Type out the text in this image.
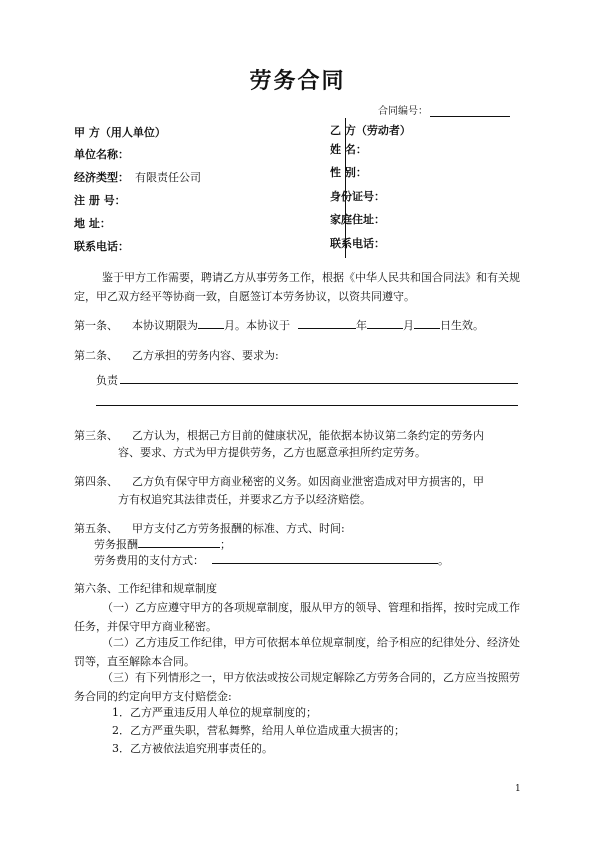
劳务合同
合同编号：
甲 方（用人单位）
单位名称：
经济类型： 有限责任公司
注 册 号：
地 址：
联系电话：
乙 方（劳动者）
姓 名：
性 别：
身份证号：
家庭住址：
联系电话：
鉴于甲方工作需要，聘请乙方从事劳务工作，根据《中华人民共和国合同法》和有关规定，甲乙双方经平等协商一致，自愿签订本劳务协议，以资共同遵守。
第一条、 本协议期限为 月。本协议于	年	月 日生效。
第二条、 乙方承担的劳务内容、要求为:
负责
第三条、 乙方认为，根据己方目前的健康状况，能依据本协议第二条约定的劳务内
容、要求、方式为甲方提供劳务，乙方也愿意承担所约定劳务。
第四条、 乙方负有保守甲方商业秘密的义务。如因商业泄密造成对甲方损害的，甲
方有权追究其法律责任，并要求乙方予以经济赔偿。
第五条、 甲方支付乙方劳务报酬的标准、方式、时间:
劳务报酬	；
劳务费用的支付方式：	。
第六条、工作纪律和规章制度
（一）乙方应遵守甲方的各项规章制度，服从甲方的领导、管理和指挥，按时完成工作任务，并保守甲方商业秘密。
（二）乙方违反工作纪律，甲方可依据本单位规章制度，给予相应的纪律处分、经济处罚等，直至解除本合同。
（三）有下列情形之一，甲方依法或按公司规定解除乙方劳务合同的，乙方应当按照劳务合同的约定向甲方支付赔偿金:
1．乙方严重违反用人单位的规章制度的；
2．乙方严重失职，营私舞弊，给用人单位造成重大损害的；
3．乙方被依法追究刑事责任的。
1
